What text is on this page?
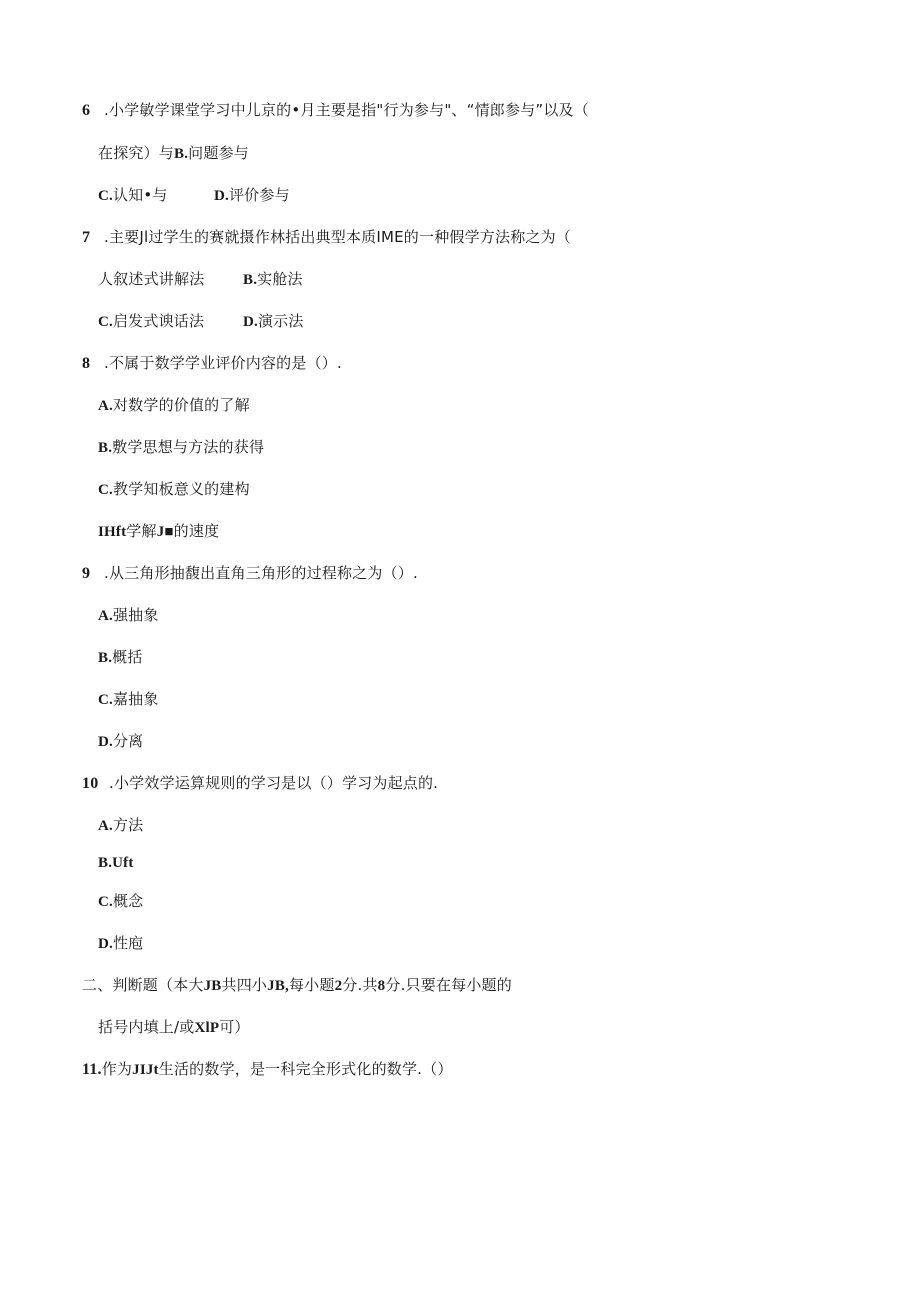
6 .小学敏学课堂学习中儿京的•月主要是指"行为参与"、“情郎参与”以及（
在探究）与B.问题参与
C.认知•与	D.评价参与
7 .主要Jl过学生的赛就摄作林括出典型本质IME的一种假学方法称之为（
人叙述式讲解法	B.实舱法
C.启发式谀话法	D.演示法
8 .不属于数学学业评价内容的是（）.
A.对数学的价值的了解
B.敷学思想与方法的获得
C.教学知板意义的建构
IHft学解J■的速度
9 .从三角形抽馥出直角三角形的过程称之为（）.
A.强抽象
B.概括
C.嘉抽象
D.分离
10 .小学效学运算规则的学习是以（）学习为起点的.
A.方法
B.Uft
C.概念
D.性庖
二、判断题（本大JB共四小JB,每小题2分.共8分.只要在每小题的
括号内填上/或XlP可）
11.作为JIJt生活的数学，是一科完全形式化的数学.（）
